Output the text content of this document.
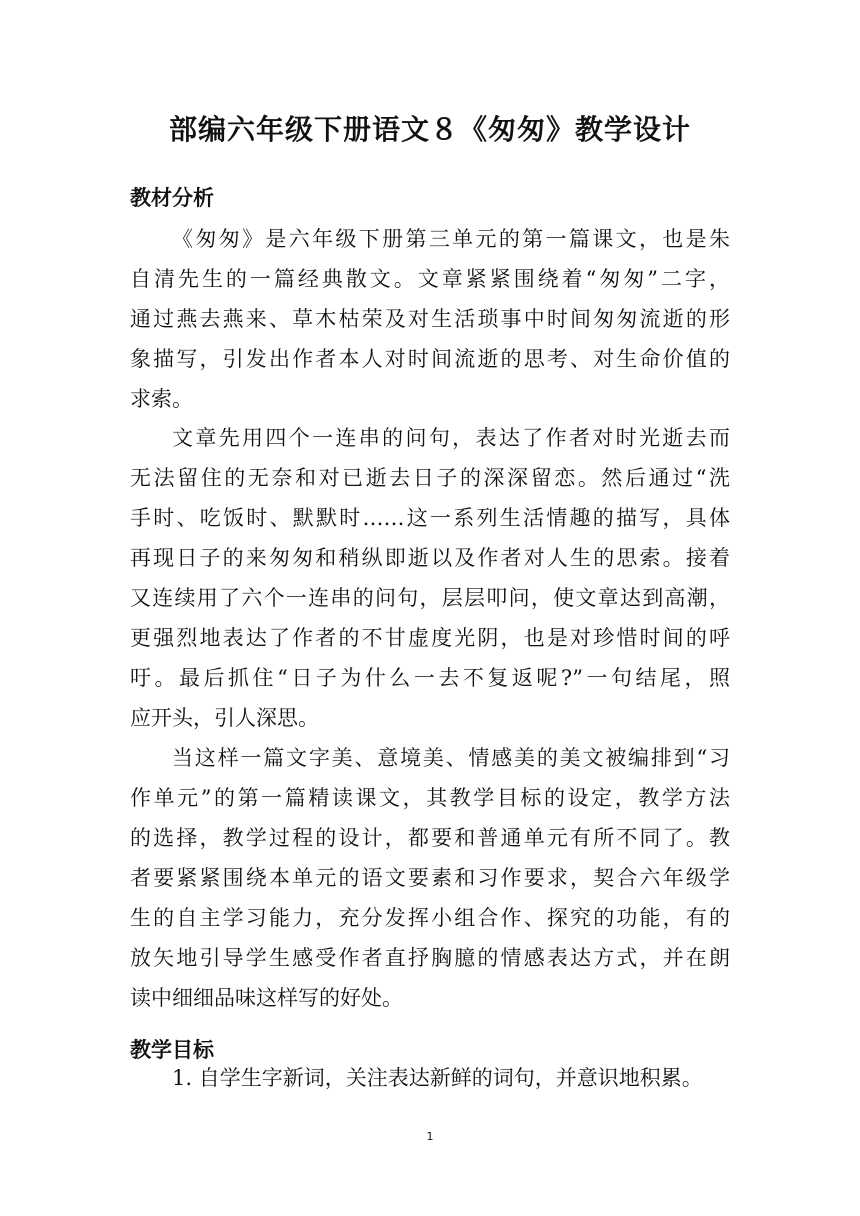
部编六年级下册语文８《匆匆》教学设计
教材分析
《匆匆》是六年级下册第三单元的第一篇课文，也是朱
自清先生的一篇经典散文。文章紧紧围绕着“匆匆”二字，
通过燕去燕来、草木枯荣及对生活琐事中时间匆匆流逝的形
象描写，引发出作者本人对时间流逝的思考、对生命价值的
求索。
文章先用四个一连串的问句，表达了作者对时光逝去而
无法留住的无奈和对已逝去日子的深深留恋。然后通过“洗
手时、吃饭时、默默时……这一系列生活情趣的描写，具体
再现日子的来匆匆和稍纵即逝以及作者对人生的思索。接着
又连续用了六个一连串的问句，层层叩问，使文章达到高潮，
更强烈地表达了作者的不甘虚度光阴，也是对珍惜时间的呼
吁。最后抓住“日子为什么一去不复返呢?”一句结尾，照
应开头，引人深思。
当这样一篇文字美、意境美、情感美的美文被编排到“习
作单元”的第一篇精读课文，其教学目标的设定，教学方法
的选择，教学过程的设计，都要和普通单元有所不同了。教
者要紧紧围绕本单元的语文要素和习作要求，契合六年级学
生的自主学习能力，充分发挥小组合作、探究的功能，有的
放矢地引导学生感受作者直抒胸臆的情感表达方式，并在朗
读中细细品味这样写的好处。
教学目标
1. 自学生字新词，关注表达新鲜的词句，并意识地积累。
1
